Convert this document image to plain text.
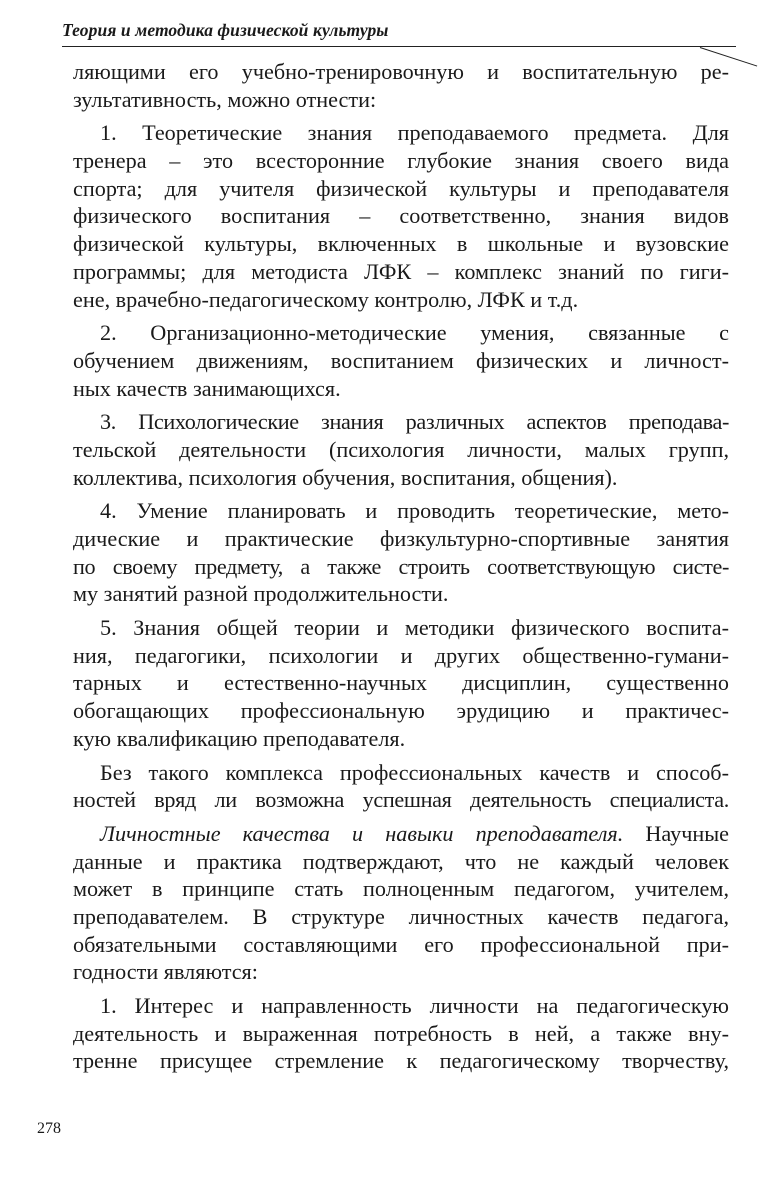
Теория и методика физической культуры
ляющими его учебно-тренировочную и воспитательную ре-
зультативность, можно отнести:
1. Теоретические знания преподаваемого предмета. Для
тренера – это всесторонние глубокие знания своего вида
спорта; для учителя физической культуры и преподавателя
физического воспитания – соответственно, знания видов
физической культуры, включенных в школьные и вузовские
программы; для методиста ЛФК – комплекс знаний по гиги-
ене, врачебно-педагогическому контролю, ЛФК и т.д.
2. Организационно-методические умения, связанные с
обучением движениям, воспитанием физических и личност-
ных качеств занимающихся.
3. Психологические знания различных аспектов преподава-
тельской деятельности (психология личности, малых групп,
коллектива, психология обучения, воспитания, общения).
4. Умение планировать и проводить теоретические, мето-
дические и практические физкультурно-спортивные занятия
по своему предмету, а также строить соответствующую систе-
му занятий разной продолжительности.
5. Знания общей теории и методики физического воспита-
ния, педагогики, психологии и других общественно-гумани-
тарных и естественно-научных дисциплин, существенно
обогащающих профессиональную эрудицию и практичес-
кую квалификацию преподавателя.
Без такого комплекса профессиональных качеств и способ-
ностей вряд ли возможна успешная деятельность специалиста.
Личностные качества и навыки преподавателя. Научные
данные и практика подтверждают, что не каждый человек
может в принципе стать полноценным педагогом, учителем,
преподавателем. В структуре личностных качеств педагога,
обязательными составляющими его профессиональной при-
годности являются:
1. Интерес и направленность личности на педагогическую
деятельность и выраженная потребность в ней, а также вну-
тренне присущее стремление к педагогическому творчеству,
278
